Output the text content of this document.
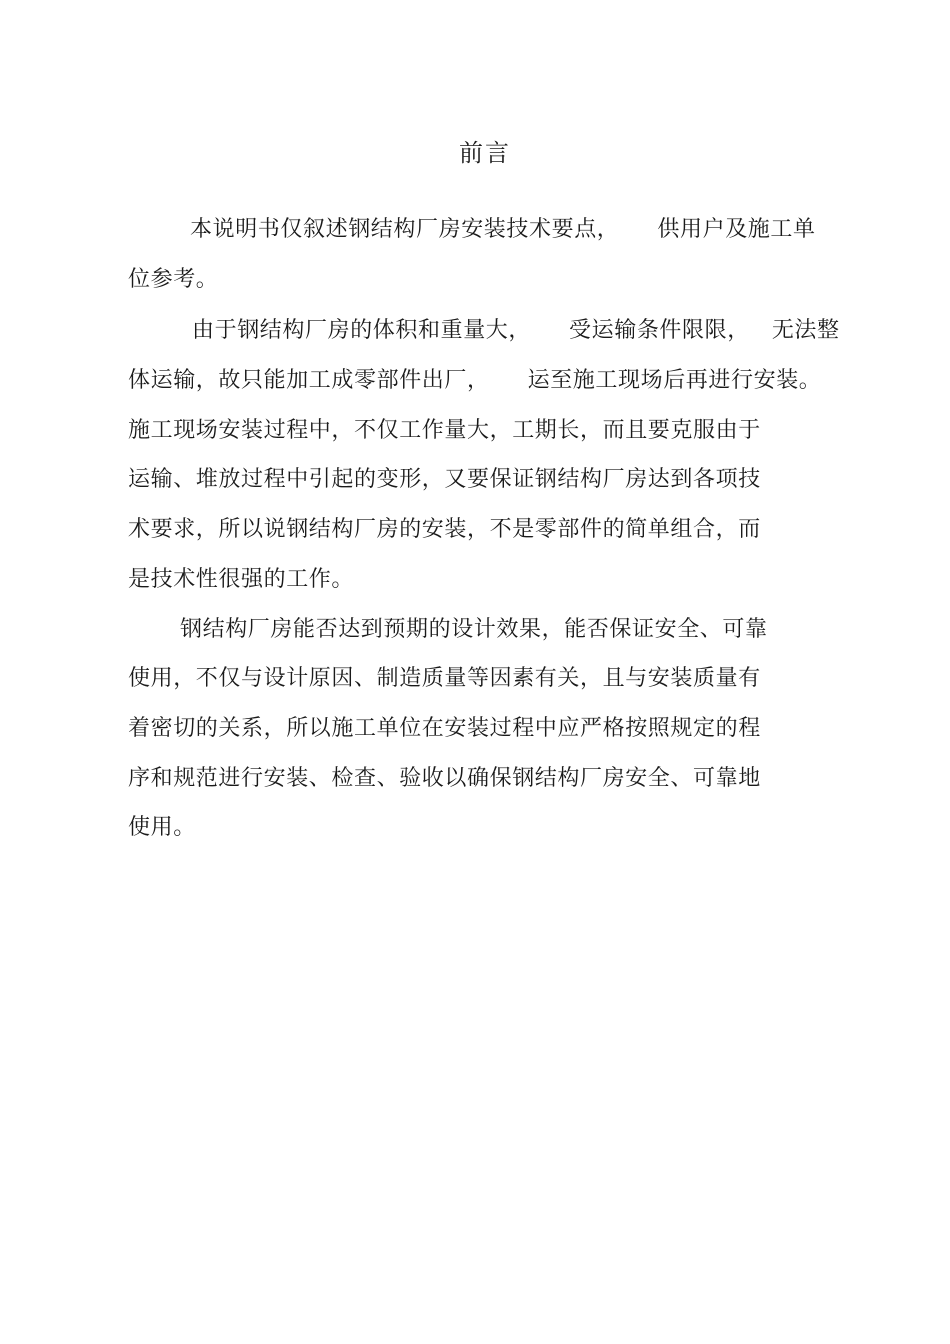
前言
本说明书仅叙述钢结构厂房安装技术要点， 供用户及施工单
位参考。
由于钢结构厂房的体积和重量大， 受运输条件限限， 无法整
体运输，故只能加工成零部件出厂， 运至施工现场后再进行安装。
施工现场安装过程中，不仅工作量大，工期长，而且要克服由于
运输、堆放过程中引起的变形，又要保证钢结构厂房达到各项技
术要求，所以说钢结构厂房的安装，不是零部件的简单组合，而
是技术性很强的工作。
钢结构厂房能否达到预期的设计效果，能否保证安全、可靠
使用，不仅与设计原因、制造质量等因素有关，且与安装质量有
着密切的关系，所以施工单位在安装过程中应严格按照规定的程
序和规范进行安装、检查、验收以确保钢结构厂房安全、可靠地
使用。
